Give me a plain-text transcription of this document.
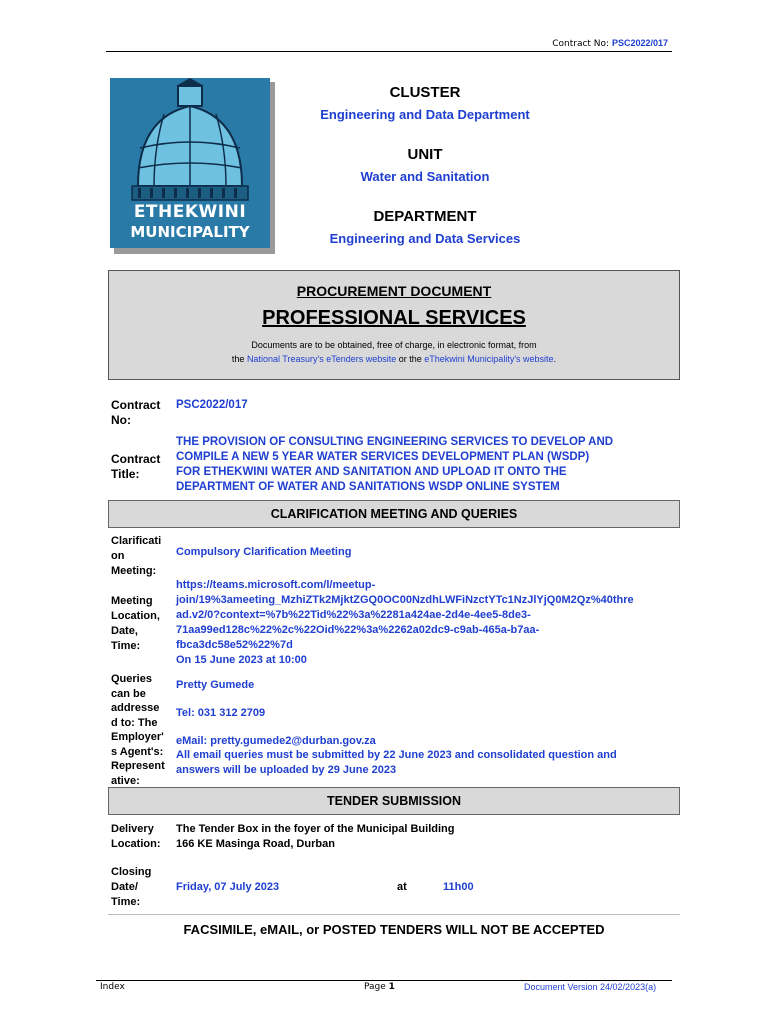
Contract No: PSC2022/017
ETHEKWINI
MUNICIPALITY
CLUSTER
Engineering and Data Department
UNIT
Water and Sanitation
DEPARTMENT
Engineering and Data Services
PROCUREMENT DOCUMENT
PROFESSIONAL SERVICES
Documents are to be obtained, free of charge, in electronic format, from
the National Treasury's eTenders website or the eThekwini Municipality's website.
Contract
No:
PSC2022/017
Contract
Title:
THE PROVISION OF CONSULTING ENGINEERING SERVICES TO DEVELOP AND
COMPILE A NEW 5 YEAR WATER SERVICES DEVELOPMENT PLAN (WSDP)
FOR ETHEKWINI WATER AND SANITATION AND UPLOAD IT ONTO THE
DEPARTMENT OF WATER AND SANITATIONS WSDP ONLINE SYSTEM
CLARIFICATION MEETING AND QUERIES
Clarificati
on
Meeting:
Compulsory Clarification Meeting
Meeting
Location,
Date,
Time:
https://teams.microsoft.com/l/meetup-
join/19%3ameeting_MzhiZTk2MjktZGQ0OC00NzdhLWFiNzctYTc1NzJlYjQ0M2Qz%40thre
ad.v2/0?context=%7b%22Tid%22%3a%2281a424ae-2d4e-4ee5-8de3-
71aa99ed128c%22%2c%22Oid%22%3a%2262a02dc9-c9ab-465a-b7aa-
fbca3dc58e52%22%7d
On 15 June 2023 at 10:00
Queries
can be
addresse
d to: The
Employer'
s Agent's:
Represent
ative:
Pretty Gumede
Tel: 031 312 2709
eMail: pretty.gumede2@durban.gov.za
All email queries must be submitted by 22 June 2023 and consolidated question and
answers will be uploaded by 29 June 2023
TENDER SUBMISSION
Delivery
Location:
The Tender Box in the foyer of the Municipal Building
166 KE Masinga Road, Durban
Closing
Date/
Time:
Friday, 07 July 2023	at	11h00
FACSIMILE, eMAIL, or POSTED TENDERS WILL NOT BE ACCEPTED
Index	Page 1	Document Version 24/02/2023(a)
